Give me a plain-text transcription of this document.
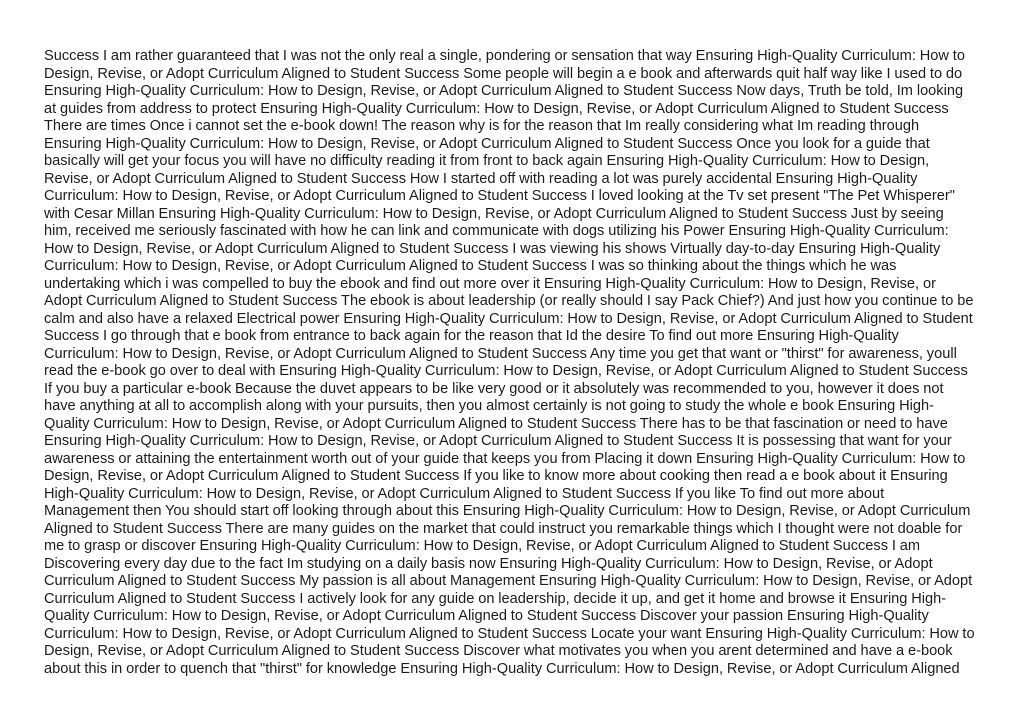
Success I am rather guaranteed that I was not the only real a single, pondering or sensation that way Ensuring High-Quality Curriculum: How to
Design, Revise, or Adopt Curriculum Aligned to Student Success Some people will begin a e book and afterwards quit half way like I used to do
Ensuring High-Quality Curriculum: How to Design, Revise, or Adopt Curriculum Aligned to Student Success Now days, Truth be told, Im looking
at guides from address to protect Ensuring High-Quality Curriculum: How to Design, Revise, or Adopt Curriculum Aligned to Student Success
There are times Once i cannot set the e-book down! The reason why is for the reason that Im really considering what Im reading through
Ensuring High-Quality Curriculum: How to Design, Revise, or Adopt Curriculum Aligned to Student Success Once you look for a guide that
basically will get your focus you will have no difficulty reading it from front to back again Ensuring High-Quality Curriculum: How to Design,
Revise, or Adopt Curriculum Aligned to Student Success How I started off with reading a lot was purely accidental Ensuring High-Quality
Curriculum: How to Design, Revise, or Adopt Curriculum Aligned to Student Success I loved looking at the Tv set present "The Pet Whisperer"
with Cesar Millan Ensuring High-Quality Curriculum: How to Design, Revise, or Adopt Curriculum Aligned to Student Success Just by seeing
him, received me seriously fascinated with how he can link and communicate with dogs utilizing his Power Ensuring High-Quality Curriculum:
How to Design, Revise, or Adopt Curriculum Aligned to Student Success I was viewing his shows Virtually day-to-day Ensuring High-Quality
Curriculum: How to Design, Revise, or Adopt Curriculum Aligned to Student Success I was so thinking about the things which he was
undertaking which i was compelled to buy the ebook and find out more over it Ensuring High-Quality Curriculum: How to Design, Revise, or
Adopt Curriculum Aligned to Student Success The ebook is about leadership (or really should I say Pack Chief?) And just how you continue to be
calm and also have a relaxed Electrical power Ensuring High-Quality Curriculum: How to Design, Revise, or Adopt Curriculum Aligned to Student
Success I go through that e book from entrance to back again for the reason that Id the desire To find out more Ensuring High-Quality
Curriculum: How to Design, Revise, or Adopt Curriculum Aligned to Student Success Any time you get that want or "thirst" for awareness, youll
read the e-book go over to deal with Ensuring High-Quality Curriculum: How to Design, Revise, or Adopt Curriculum Aligned to Student Success
If you buy a particular e-book Because the duvet appears to be like very good or it absolutely was recommended to you, however it does not
have anything at all to accomplish along with your pursuits, then you almost certainly is not going to study the whole e book Ensuring High-
Quality Curriculum: How to Design, Revise, or Adopt Curriculum Aligned to Student Success There has to be that fascination or need to have
Ensuring High-Quality Curriculum: How to Design, Revise, or Adopt Curriculum Aligned to Student Success It is possessing that want for your
awareness or attaining the entertainment worth out of your guide that keeps you from Placing it down Ensuring High-Quality Curriculum: How to
Design, Revise, or Adopt Curriculum Aligned to Student Success If you like to know more about cooking then read a e book about it Ensuring
High-Quality Curriculum: How to Design, Revise, or Adopt Curriculum Aligned to Student Success If you like To find out more about
Management then You should start off looking through about this Ensuring High-Quality Curriculum: How to Design, Revise, or Adopt Curriculum
Aligned to Student Success There are many guides on the market that could instruct you remarkable things which I thought were not doable for
me to grasp or discover Ensuring High-Quality Curriculum: How to Design, Revise, or Adopt Curriculum Aligned to Student Success I am
Discovering every day due to the fact Im studying on a daily basis now Ensuring High-Quality Curriculum: How to Design, Revise, or Adopt
Curriculum Aligned to Student Success My passion is all about Management Ensuring High-Quality Curriculum: How to Design, Revise, or Adopt
Curriculum Aligned to Student Success I actively look for any guide on leadership, decide it up, and get it home and browse it Ensuring High-
Quality Curriculum: How to Design, Revise, or Adopt Curriculum Aligned to Student Success Discover your passion Ensuring High-Quality
Curriculum: How to Design, Revise, or Adopt Curriculum Aligned to Student Success Locate your want Ensuring High-Quality Curriculum: How to
Design, Revise, or Adopt Curriculum Aligned to Student Success Discover what motivates you when you arent determined and have a e-book
about this in order to quench that "thirst" for knowledge Ensuring High-Quality Curriculum: How to Design, Revise, or Adopt Curriculum Aligned
